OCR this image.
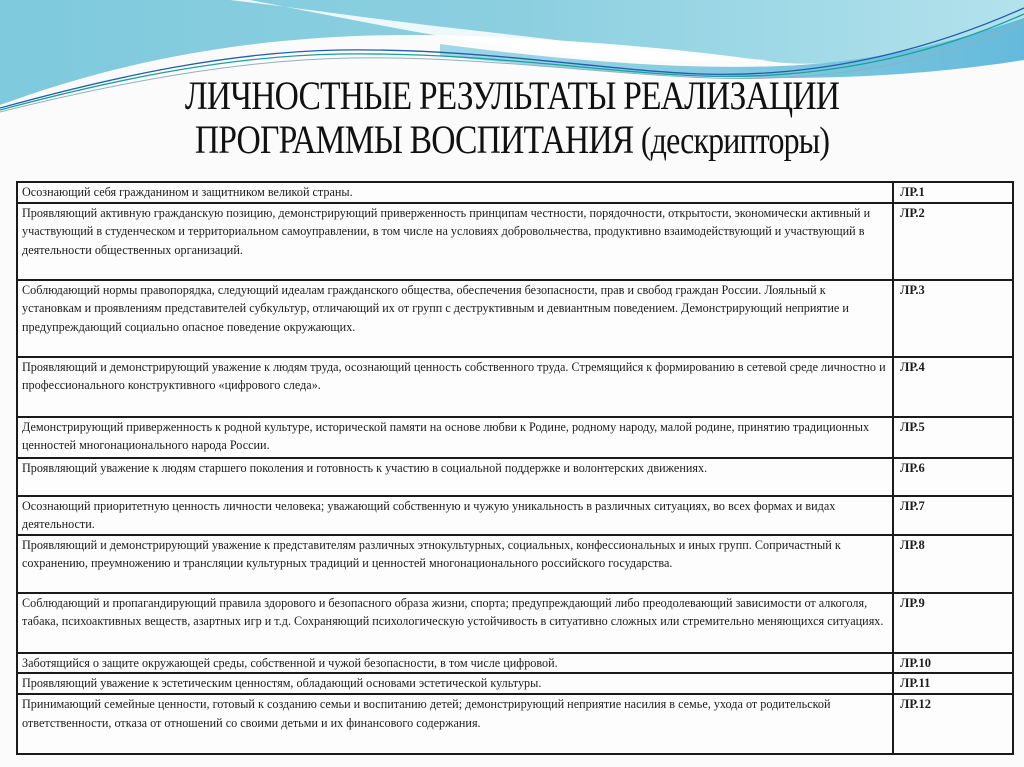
ЛИЧНОСТНЫЕ РЕЗУЛЬТАТЫ РЕАЛИЗАЦИИ
ПРОГРАММЫ ВОСПИТАНИЯ (дескрипторы)
Осознающий себя гражданином и защитником великой страны.	ЛР.1
Проявляющий активную гражданскую позицию, демонстрирующий приверженность принципам честности, порядочности, открытости, экономически активный и участвующий в студенческом и территориальном самоуправлении, в том числе на условиях добровольчества, продуктивно взаимодействующий и участвующий в деятельности общественных организаций.	ЛР.2
Соблюдающий нормы правопорядка, следующий идеалам гражданского общества, обеспечения безопасности, прав и свобод граждан России. Лояльный к установкам и проявлениям представителей субкультур, отличающий их от групп с деструктивным и девиантным поведением. Демонстрирующий неприятие и предупреждающий социально опасное поведение окружающих.	ЛР.3
Проявляющий и демонстрирующий уважение к людям труда, осознающий ценность собственного труда. Стремящийся к формированию в сетевой среде личностно и профессионального конструктивного «цифрового следа».	ЛР.4
Демонстрирующий приверженность к родной культуре, исторической памяти на основе любви к Родине, родному народу, малой родине, принятию традиционных ценностей многонационального народа России.	ЛР.5
Проявляющий уважение к людям старшего поколения и готовность к участию в социальной поддержке и волонтерских движениях.	ЛР.6
Осознающий приоритетную ценность личности человека; уважающий собственную и чужую уникальность в различных ситуациях, во всех формах и видах деятельности.	ЛР.7
Проявляющий и демонстрирующий уважение к представителям различных этнокультурных, социальных, конфессиональных и иных групп. Сопричастный к сохранению, преумножению и трансляции культурных традиций и ценностей многонационального российского государства.	ЛР.8
Соблюдающий и пропагандирующий правила здорового и безопасного образа жизни, спорта; предупреждающий либо преодолевающий зависимости от алкоголя, табака, психоактивных веществ, азартных игр и т.д. Сохраняющий психологическую устойчивость в ситуативно сложных или стремительно меняющихся ситуациях.	ЛР.9
Заботящийся о защите окружающей среды, собственной и чужой безопасности, в том числе цифровой.	ЛР.10
Проявляющий уважение к эстетическим ценностям, обладающий основами эстетической культуры.	ЛР.11
Принимающий семейные ценности, готовый к созданию семьи и воспитанию детей; демонстрирующий неприятие насилия в семье, ухода от родительской ответственности, отказа от отношений со своими детьми и их финансового содержания.	ЛР.12
